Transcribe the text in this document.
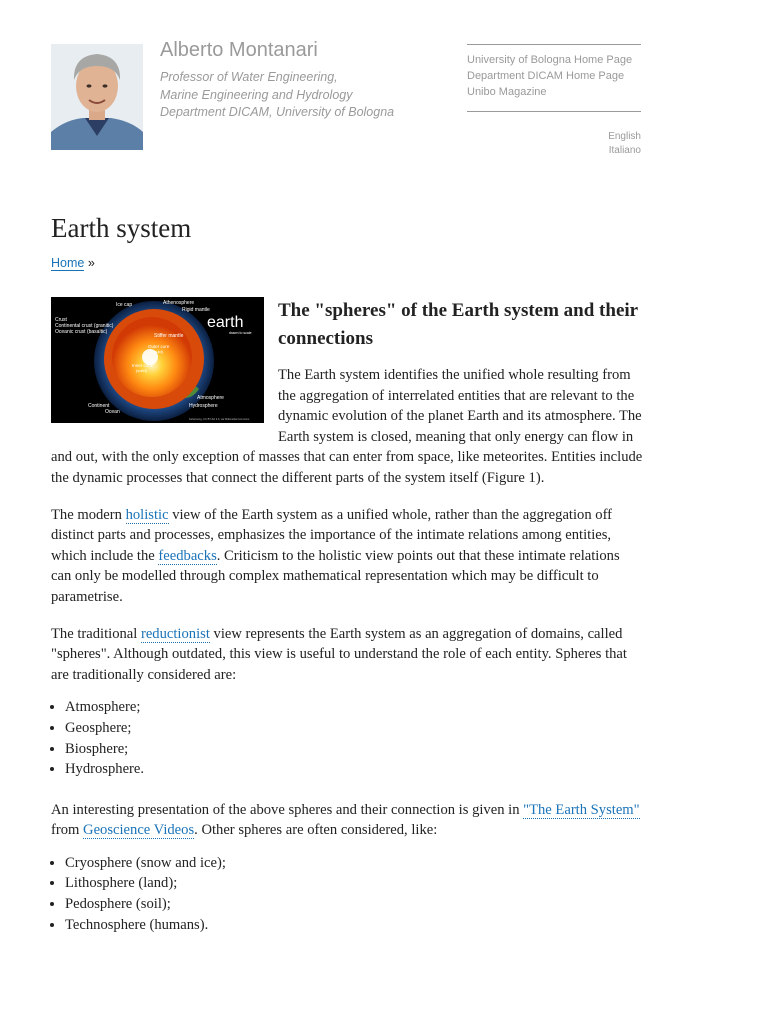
Alberto Montanari
Professor of Water Engineering,
Marine Engineering and Hydrology
Department DICAM, University of Bologna
University of Bologna Home Page
Department DICAM Home Page
Unibo Magazine
English
Italiano
Earth system
Home »
Ice cap	Athenosphere
Rigid mantle
Crust
Continental crust (granitic)
Oceanic crust (basaltic)
earth
drawn to scale
Stiffer mantle
Outer core
(liquid)
Inner core
(solid)
Atmosphere
Continent	Hydrosphere
Ocean
Kelvinsong, CC BY-SA 3.0, via Wikimedia Commons
The "spheres" of the Earth system and their connections

The Earth system identifies the unified whole resulting from the aggregation of interrelated entities that are relevant to the dynamic evolution of the planet Earth and its atmosphere. The Earth system is closed, meaning that only energy can flow in and out, with the only exception of masses that can enter from space, like meteorites. Entities include the dynamic processes that connect the different parts of the system itself (Figure 1).

The modern holistic view of the Earth system as a unified whole, rather than the aggregation off distinct parts and processes, emphasizes the importance of the intimate relations among entities, which include the feedbacks. Criticism to the holistic view points out that these intimate relations can only be modelled through complex mathematical representation which may be difficult to parametrise.

The traditional reductionist view represents the Earth system as an aggregation of domains, called "spheres". Although outdated, this view is useful to understand the role of each entity. Spheres that are traditionally considered are:

• Atmosphere;
• Geosphere;
• Biosphere;
• Hydrosphere.

An interesting presentation of the above spheres and their connection is given in "The Earth System" from Geoscience Videos. Other spheres are often considered, like:

• Cryosphere (snow and ice);
• Lithosphere (land);
• Pedosphere (soil);
• Technosphere (humans).
